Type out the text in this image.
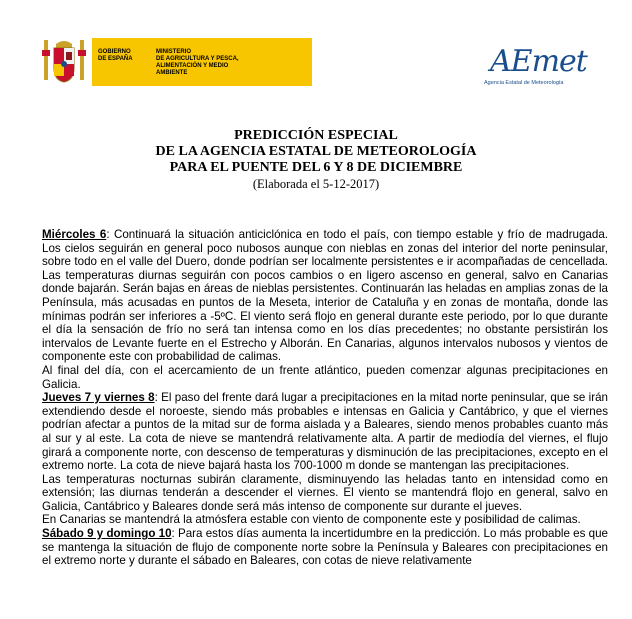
GOBIERNO
DE ESPAÑA
MINISTERIO
DE AGRICULTURA Y PESCA,
ALIMENTACIÓN Y MEDIO AMBIENTE	AEmet
Agencia Estatal de Meteorología
PREDICCIÓN ESPECIAL
DE LA AGENCIA ESTATAL DE METEOROLOGÍA
PARA EL PUENTE DEL 6 Y 8 DE DICIEMBRE
(Elaborada el 5-12-2017)

Miércoles 6: Continuará la situación anticiclónica en todo el país, con tiempo estable y frío de madrugada. Los cielos seguirán en general poco nubosos aunque con nieblas en zonas del interior del norte peninsular, sobre todo en el valle del Duero, donde podrían ser localmente persistentes e ir acompañadas de cencellada. Las temperaturas diurnas seguirán con pocos cambios o en ligero ascenso en general, salvo en Canarias donde bajarán. Serán bajas en áreas de nieblas persistentes. Continuarán las heladas en amplias zonas de la Península, más acusadas en puntos de la Meseta, interior de Cataluña y en zonas de montaña, donde las mínimas podrán ser inferiores a -5ºC. El viento será flojo en general durante este periodo, por lo que durante el día la sensación de frío no será tan intensa como en los días precedentes; no obstante persistirán los intervalos de Levante fuerte en el Estrecho y Alborán. En Canarias, algunos intervalos nubosos y vientos de componente este con probabilidad de calimas.

Al final del día, con el acercamiento de un frente atlántico, pueden comenzar algunas precipitaciones en Galicia.

Jueves 7 y viernes 8: El paso del frente dará lugar a precipitaciones en la mitad norte peninsular, que se irán extendiendo desde el noroeste, siendo más probables e intensas en Galicia y Cantábrico, y que el viernes podrían afectar a puntos de la mitad sur de forma aislada y a Baleares, siendo menos probables cuanto más al sur y al este. La cota de nieve se mantendrá relativamente alta. A partir de mediodía del viernes, el flujo girará a componente norte, con descenso de temperaturas y disminución de las precipitaciones, excepto en el extremo norte. La cota de nieve bajará hasta los 700-1000 m donde se mantengan las precipitaciones.

Las temperaturas nocturnas subirán claramente, disminuyendo las heladas tanto en intensidad como en extensión; las diurnas tenderán a descender el viernes. El viento se mantendrá flojo en general, salvo en Galicia, Cantábrico y Baleares donde será más intenso de componente sur durante el jueves.

En Canarias se mantendrá la atmósfera estable con viento de componente este y posibilidad de calimas.

Sábado 9 y domingo 10: Para estos días aumenta la incertidumbre en la predicción. Lo más probable es que se mantenga la situación de flujo de componente norte sobre la Península y Baleares con precipitaciones en el extremo norte y durante el sábado en Baleares, con cotas de nieve relativamente
